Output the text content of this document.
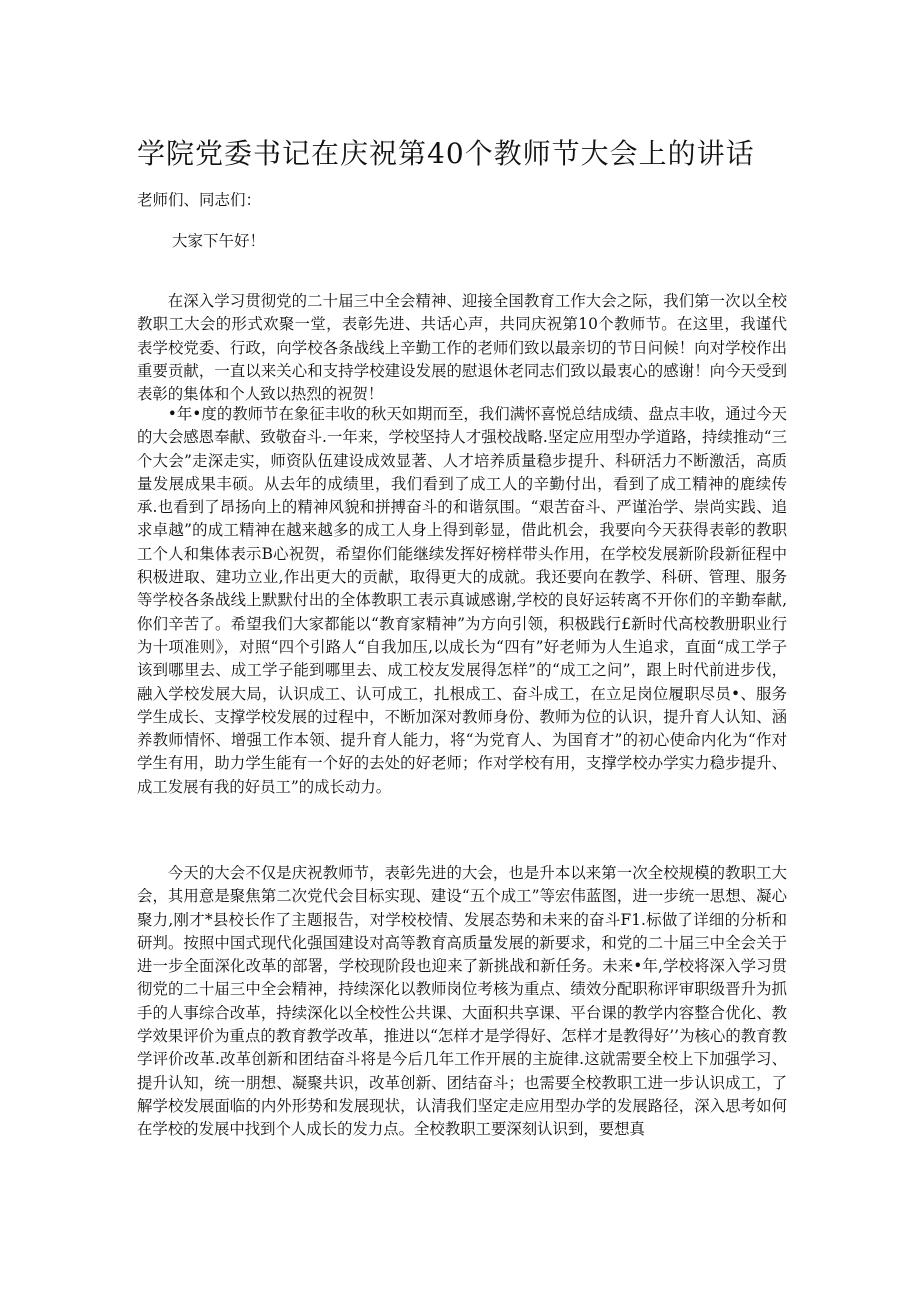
学院党委书记在庆祝第40个教师节大会上的讲话

老师们、同志们：

大家下午好！

在深入学习贯彻党的二十届三中全会精神、迎接全国教育工作大会之际，我们第一次以全校教职工大会的形式欢聚一堂，表彰先进、共话心声，共同庆祝第10个教师节。在这里，我谨代表学校党委、行政，向学校各条战线上辛勤工作的老师们致以最亲切的节日问候！向对学校作出重要贡献，一直以来关心和支持学校建设发展的慰退休老同志们致以最衷心的感谢！向今天受到表彰的集体和个人致以热烈的祝贺！

•年•度的教师节在象征丰收的秋天如期而至，我们满怀喜悦总结成绩、盘点丰收，通过今天的大会感恩奉献、致敬奋斗.一年来，学校坚持人才强校战略.坚定应用型办学道路，持续推动“三个大会”走深走实，师资队伍建设成效显著、人才培养质量稳步提升、科研活力不断激活，高质量发展成果丰硕。从去年的成绩里，我们看到了成工人的辛勤付出，看到了成工精神的鹿续传承.也看到了昂扬向上的精神风貌和拼搏奋斗的和谐氛围。“艰苦奋斗、严谨治学、崇尚实践、追求卓越”的成工精神在越来越多的成工人身上得到彰显，借此机会，我要向今天获得表彰的教职工个人和集体表示B心祝贺，希望你们能继续发挥好榜样带头作用，在学校发展新阶段新征程中积极进取、建功立业,作出更大的贡献，取得更大的成就。我还要向在教学、科研、管理、服务等学校各条战线上默默付出的全体教职工表示真诚感谢,学校的良好运转离不开你们的辛勤奉献,你们辛苦了。希望我们大家都能以“教育家精神”为方向引领，积极践行£新时代高校教册职业行为十项准则》，对照“四个引路人“自我加压,以成长为“四有”好老师为人生追求，直面“成工学子该到哪里去、成工学子能到哪里去、成工校友发展得怎样”的“成工之问”，跟上时代前进步伐，融入学校发展大局，认识成工、认可成工，扎根成工、奋斗成工，在立足岗位履职尽员•、服务学生成长、支撑学校发展的过程中，不断加深对教师身份、教师为位的认识，提升育人认知、涵养教师情怀、增强工作本领、提升育人能力，将“为党育人、为国育才”的初心使命内化为“作对学生有用，助力学生能有一个好的去处的好老师；作对学校有用，支撑学校办学实力稳步提升、成工发展有我的好员工”的成长动力。

今天的大会不仅是庆祝教师节，表彰先进的大会，也是升本以来第一次全校规模的教职工大会，其用意是聚焦第二次党代会目标实现、建设“五个成工”等宏伟蓝图，进一步统一思想、凝心聚力,刚才*县校长作了主题报告，对学校校情、发展态势和未来的奋斗F1.标做了详细的分析和研判。按照中国式现代化强国建设对高等教育高质量发展的新要求，和党的二十届三中全会关于进一步全面深化改革的部署，学校现阶段也迎来了新挑战和新任务。未来•年,学校将深入学习贯彻党的二十届三中全会精神，持续深化以教师岗位考核为重点、绩效分配职称评审职级晋升为抓手的人事综合改革，持续深化以全校性公共课、大面积共享课、平台课的教学内容整合优化、教学效果评价为重点的教育教学改革，推进以“怎样才是学得好、怎样才是教得好’’为核心的教育教学评价改革.改革创新和团结奋斗将是今后几年工作开展的主旋律.这就需要全校上下加强学习、提升认知，统一朋想、凝聚共识，改革创新、团结奋斗；也需要全校教职工进一步认识成工，了解学校发展面临的内外形势和发展现状，认清我们坚定走应用型办学的发展路径，深入思考如何在学校的发展中找到个人成长的发力点。全校教职工要深刻认识到，要想真
